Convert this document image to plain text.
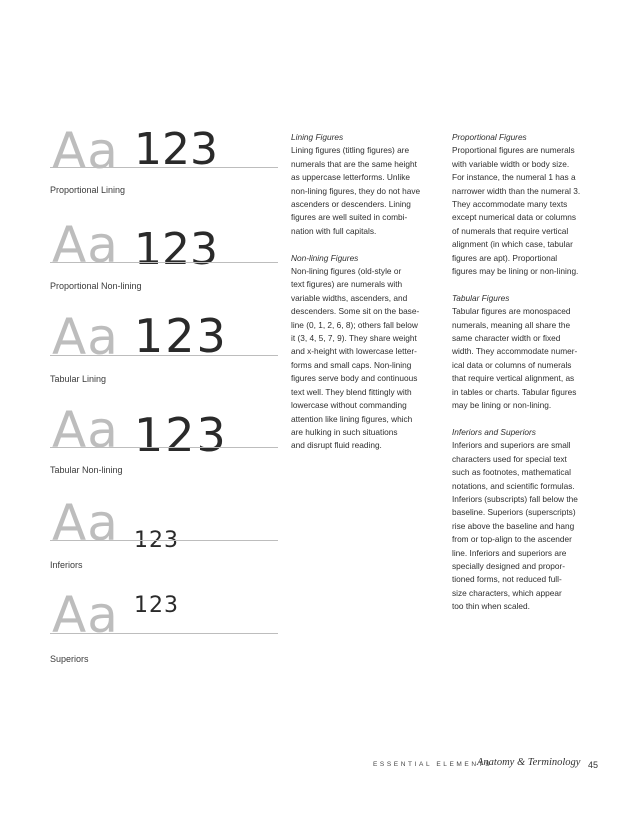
Aa 123
Proportional Lining
Aa 123
Proportional Non-lining
Aa 123
Tabular Lining
Aa 123
Tabular Non-lining
Aa 123
Inferiors
Aa 123
Superiors

Lining Figures

Lining figures (titling figures) are

numerals that are the same height

as uppercase letterforms. Unlike

non-lining figures, they do not have

ascenders or descenders. Lining

figures are well suited in combi-

nation with full capitals.

Non-lining Figures

Non-lining figures (old-style or

text figures) are numerals with

variable widths, ascenders, and

descenders. Some sit on the base-

line (0, 1, 2, 6, 8); others fall below

it (3, 4, 5, 7, 9). They share weight

and x-height with lowercase letter-

forms and small caps. Non-lining

figures serve body and continuous

text well. They blend fittingly with

lowercase without commanding

attention like lining figures, which

are hulking in such situations

and disrupt fluid reading.

Proportional Figures

Proportional figures are numerals

with variable width or body size.

For instance, the numeral 1 has a

narrower width than the numeral 3.

They accommodate many texts

except numerical data or columns

of numerals that require vertical

alignment (in which case, tabular

figures are apt). Proportional

figures may be lining or non-lining.

Tabular Figures

Tabular figures are monospaced

numerals, meaning all share the

same character width or fixed

width. They accommodate numer-

ical data or columns of numerals

that require vertical alignment, as

in tables or charts. Tabular figures

may be lining or non-lining.

Inferiors and Superiors

Inferiors and superiors are small

characters used for special text

such as footnotes, mathematical

notations, and scientific formulas.

Inferiors (subscripts) fall below the

baseline. Superiors (superscripts)

rise above the baseline and hang

from or top-align to the ascender

line. Inferiors and superiors are

specially designed and propor-

tioned forms, not reduced full-

size characters, which appear

too thin when scaled.

ESSENTIAL ELEMENTS
Anatomy & Terminology 45
